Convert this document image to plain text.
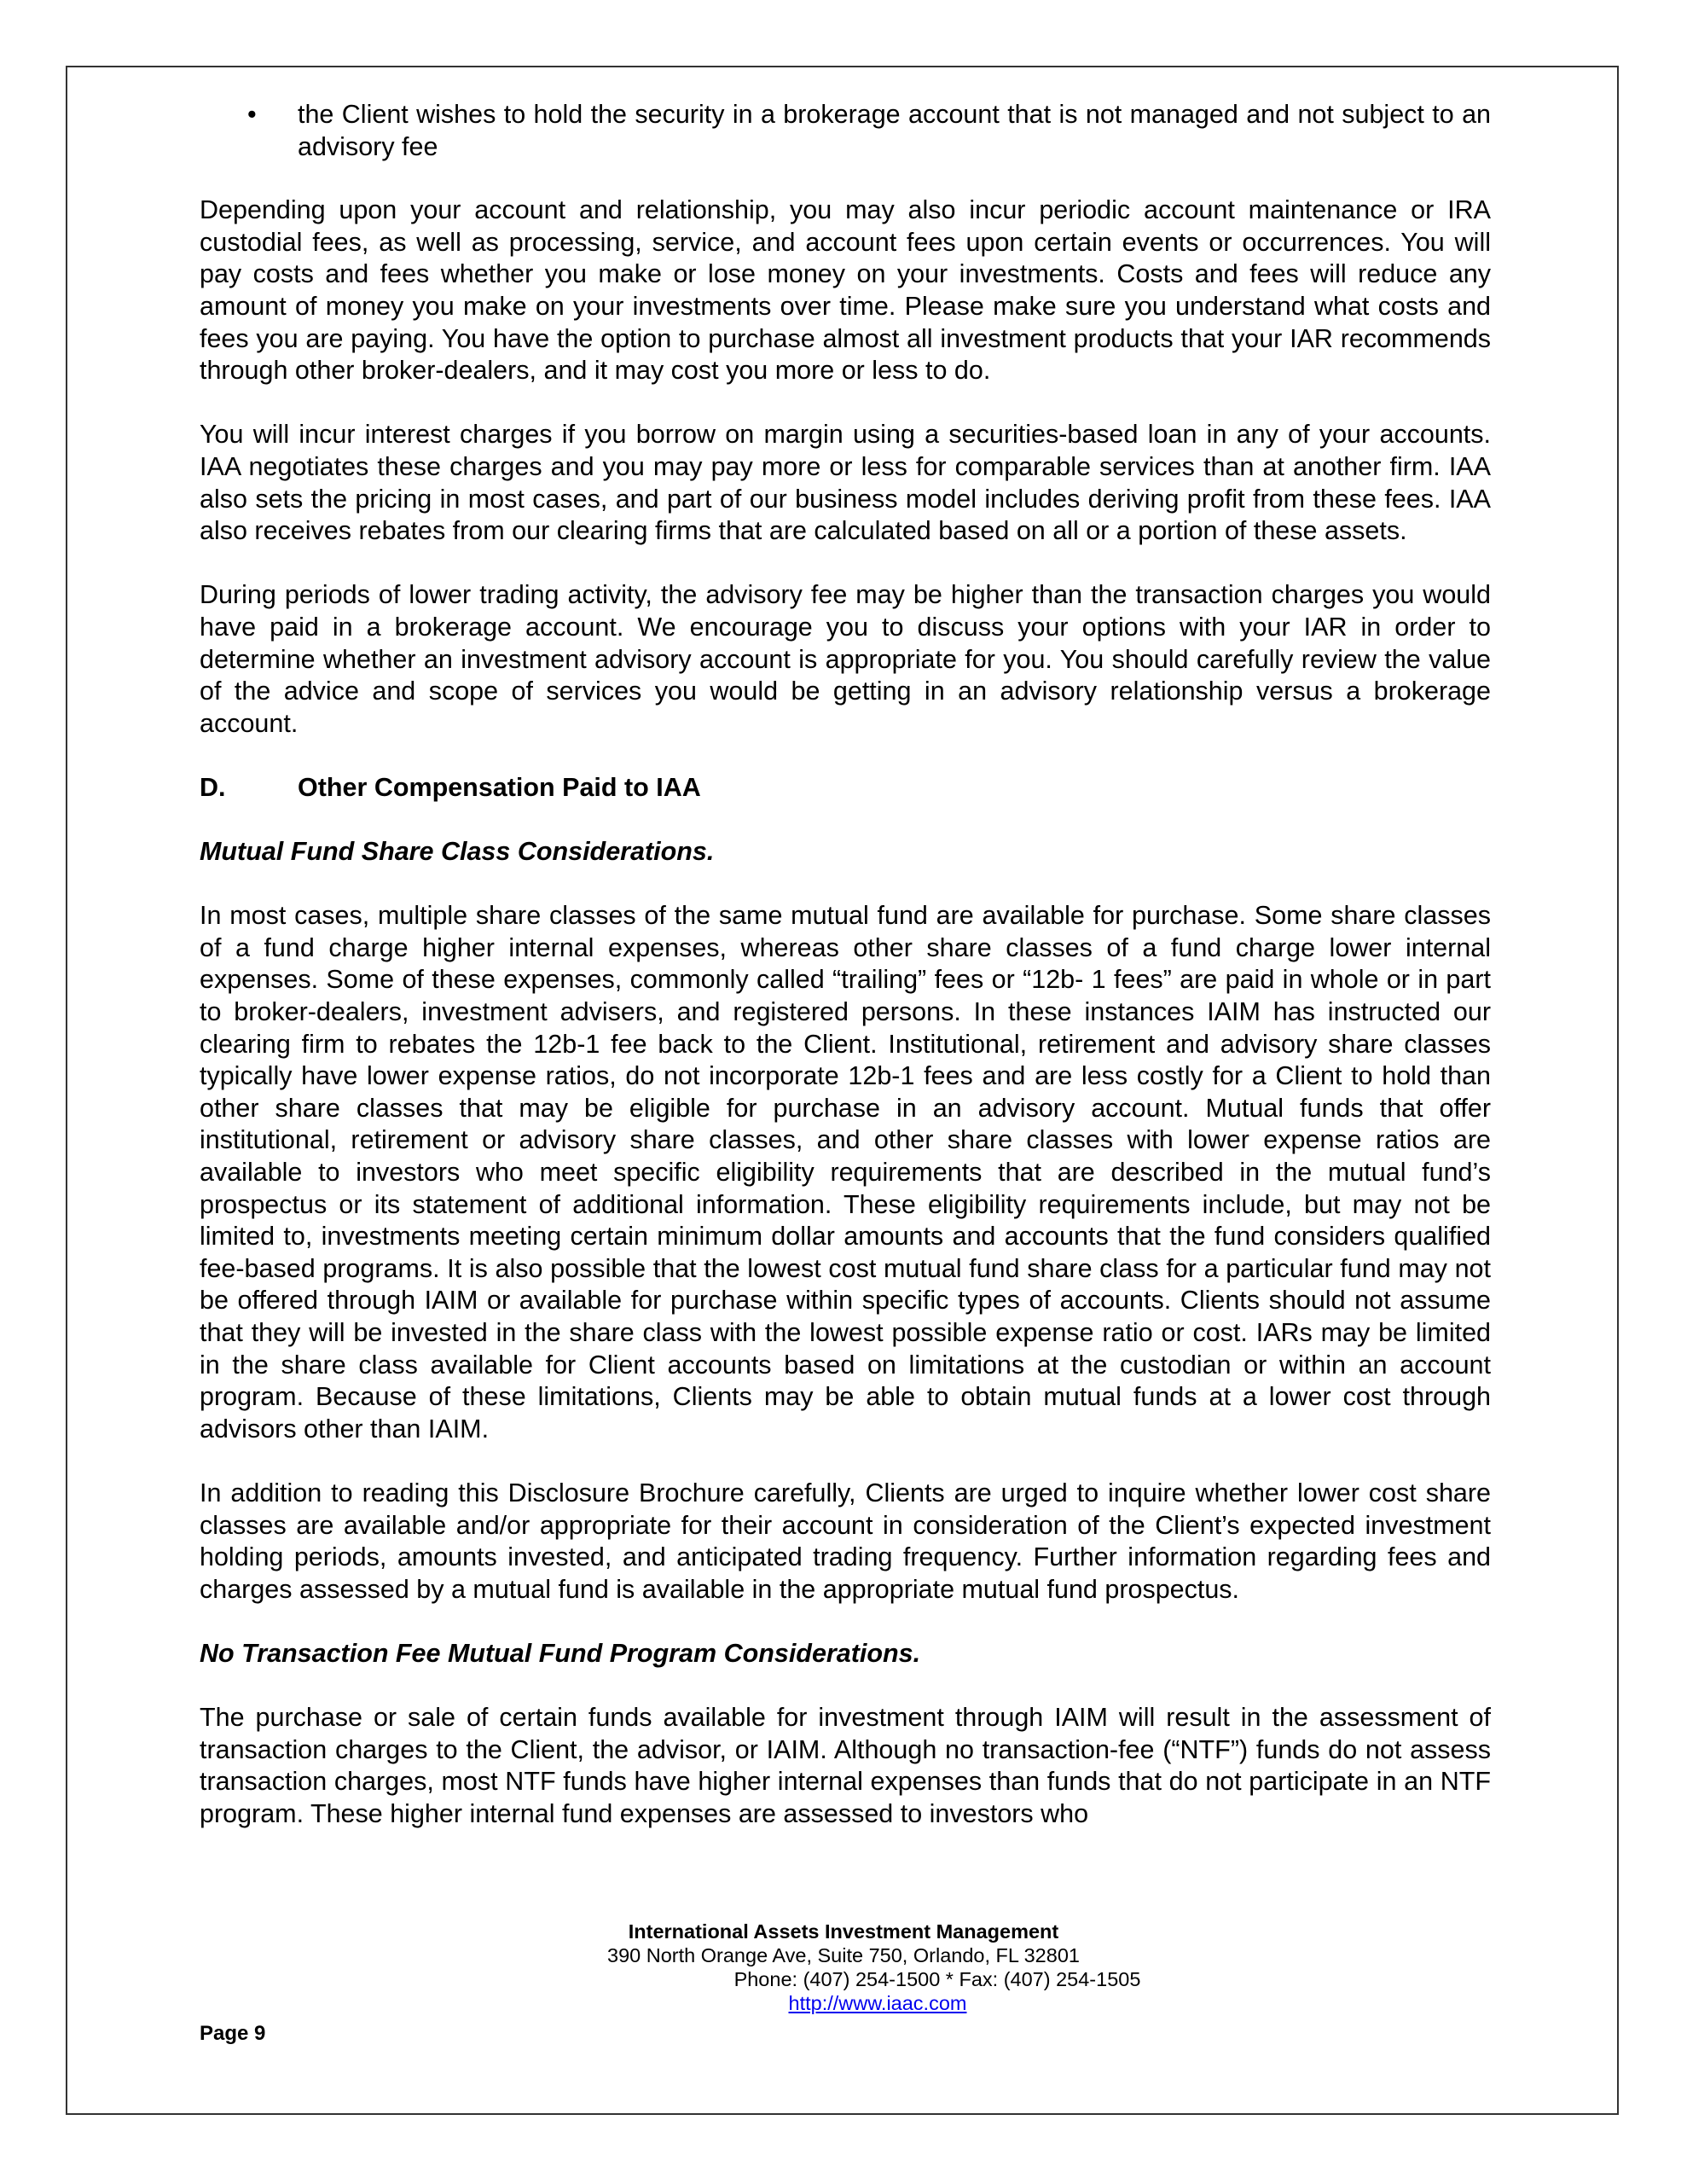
• the Client wishes to hold the security in a brokerage account that is not managed and not subject to an advisory fee

Depending upon your account and relationship, you may also incur periodic account maintenance or IRA custodial fees, as well as processing, service, and account fees upon certain events or occurrences. You will pay costs and fees whether you make or lose money on your investments. Costs and fees will reduce any amount of money you make on your investments over time. Please make sure you understand what costs and fees you are paying. You have the option to purchase almost all investment products that your IAR recommends through other broker-dealers, and it may cost you more or less to do.

You will incur interest charges if you borrow on margin using a securities-based loan in any of your accounts. IAA negotiates these charges and you may pay more or less for comparable services than at another firm. IAA also sets the pricing in most cases, and part of our business model includes deriving profit from these fees. IAA also receives rebates from our clearing firms that are calculated based on all or a portion of these assets.

During periods of lower trading activity, the advisory fee may be higher than the transaction charges you would have paid in a brokerage account. We encourage you to discuss your options with your IAR in order to determine whether an investment advisory account is appropriate for you. You should carefully review the value of the advice and scope of services you would be getting in an advisory relationship versus a brokerage account.

D.	Other Compensation Paid to IAA
Mutual Fund Share Class Considerations.

In most cases, multiple share classes of the same mutual fund are available for purchase. Some share classes of a fund charge higher internal expenses, whereas other share classes of a fund charge lower internal expenses. Some of these expenses, commonly called “trailing” fees or “12b- 1 fees” are paid in whole or in part to broker-dealers, investment advisers, and registered persons. In these instances IAIM has instructed our clearing firm to rebates the 12b-1 fee back to the Client. Institutional, retirement and advisory share classes typically have lower expense ratios, do not incorporate 12b-1 fees and are less costly for a Client to hold than other share classes that may be eligible for purchase in an advisory account. Mutual funds that offer institutional, retirement or advisory share classes, and other share classes with lower expense ratios are available to investors who meet specific eligibility requirements that are described in the mutual fund’s prospectus or its statement of additional information. These eligibility requirements include, but may not be limited to, investments meeting certain minimum dollar amounts and accounts that the fund considers qualified fee-based programs. It is also possible that the lowest cost mutual fund share class for a particular fund may not be offered through IAIM or available for purchase within specific types of accounts. Clients should not assume that they will be invested in the share class with the lowest possible expense ratio or cost. IARs may be limited in the share class available for Client accounts based on limitations at the custodian or within an account program. Because of these limitations, Clients may be able to obtain mutual funds at a lower cost through advisors other than IAIM.

In addition to reading this Disclosure Brochure carefully, Clients are urged to inquire whether lower cost share classes are available and/or appropriate for their account in consideration of the Client’s expected investment holding periods, amounts invested, and anticipated trading frequency. Further information regarding fees and charges assessed by a mutual fund is available in the appropriate mutual fund prospectus.

No Transaction Fee Mutual Fund Program Considerations.

The purchase or sale of certain funds available for investment through IAIM will result in the assessment of transaction charges to the Client, the advisor, or IAIM. Although no transaction-fee (“NTF”) funds do not assess transaction charges, most NTF funds have higher internal expenses than funds that do not participate in an NTF program. These higher internal fund expenses are assessed to investors who

International Assets Investment Management
390 North Orange Ave, Suite 750, Orlando, FL 32801
Phone: (407) 254-1500 * Fax: (407) 254-1505
http://www.iaac.com
Page 9
